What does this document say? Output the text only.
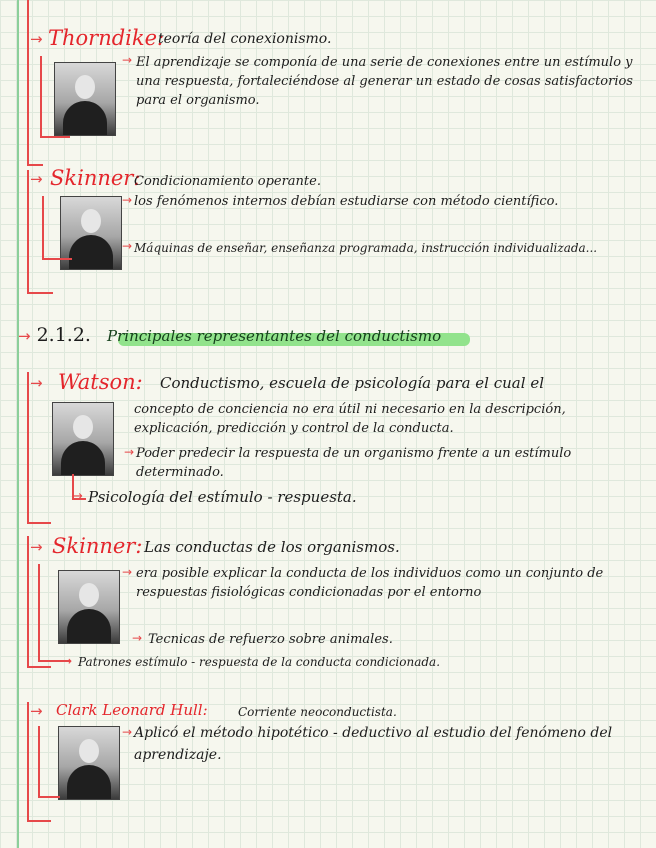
→ Thorndike:
teoría del conexionismo.
→ El aprendizaje se componía de una serie de conexiones entre un estímulo y una respuesta, fortaleciéndose al generar un estado de cosas satisfactorios para el organismo.
→ Skinner:
Condicionamiento operante.
→ los fenómenos internos debían estudiarse con método científico.
→ Máquinas de enseñar, enseñanza programada, instrucción individualizada...
→ 2.1.2. Principales representantes del conductismo
→ Watson: Conductismo, escuela de psicología para el cual el
concepto de conciencia no era útil ni necesario en la descripción, explicación, predicción y control de la conducta.
→ Poder predecir la respuesta de un organismo frente a un estímulo determinado.
→ Psicología del estímulo - respuesta.
→ Skinner: Las conductas de los organismos.
→ era posible explicar la conducta de los individuos como un conjunto de respuestas fisiológicas condicionadas por el entorno
→ Tecnicas de refuerzo sobre animales.
→ Patrones estímulo - respuesta de la conducta condicionada.
→ Clark Leonard Hull:	Corriente neoconductista.
→ Aplicó el método hipotético - deductivo al estudio del fenómeno del aprendizaje.
